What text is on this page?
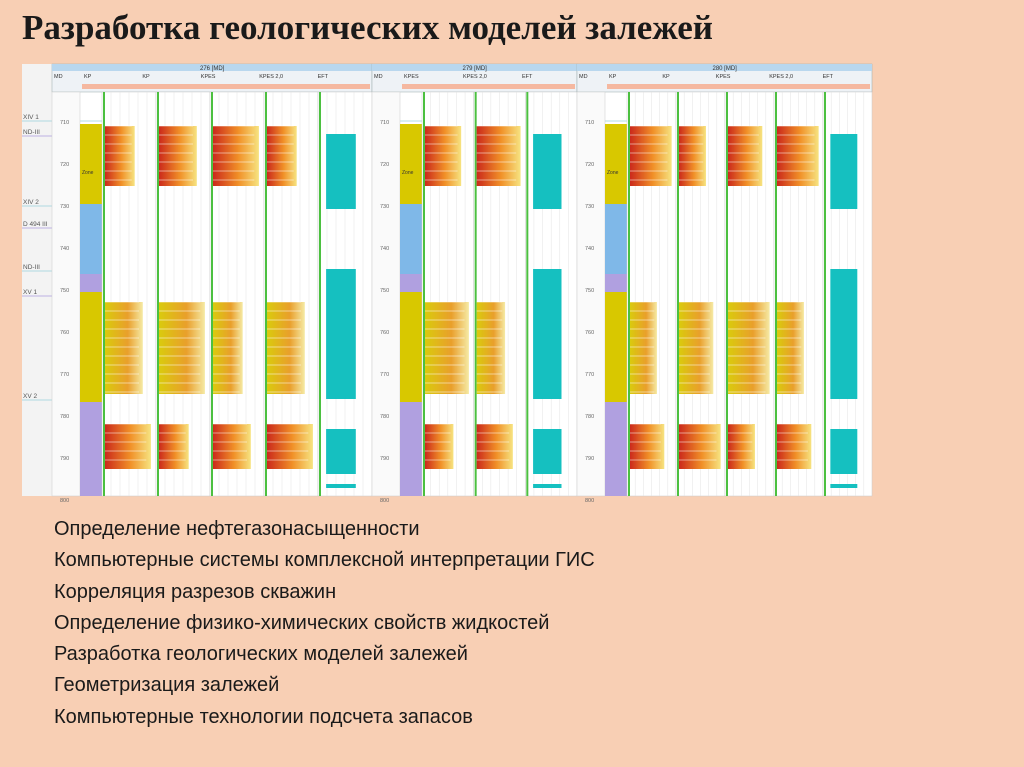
Разработка геологических моделей залежей
XIV 1
ND-III
XIV 2
D 494 III
ND-III
XV 1
XV 2
276 [MD]
MD	KP	KP	KPES	KPES 2,0	EFT
710
720
730
740
750
760
770
780
790
800
Zone
279 [MD]
MD	KPES	KPES 2,0	EFT
710
720
730
740
750
760
770
780
790
800
Zone
280 [MD]
MD	KP	KP	KPES	KPES 2,0	EFT
710
720
730
740
750
760
770
780
790
800
Zone
Определение нефтегазонасыщенности
Компьютерные системы комплексной интерпретации ГИС
Корреляция разрезов скважин
Определение физико-химических свойств жидкостей
Разработка геологических моделей залежей
Геометризация залежей
Компьютерные технологии подсчета запасов
